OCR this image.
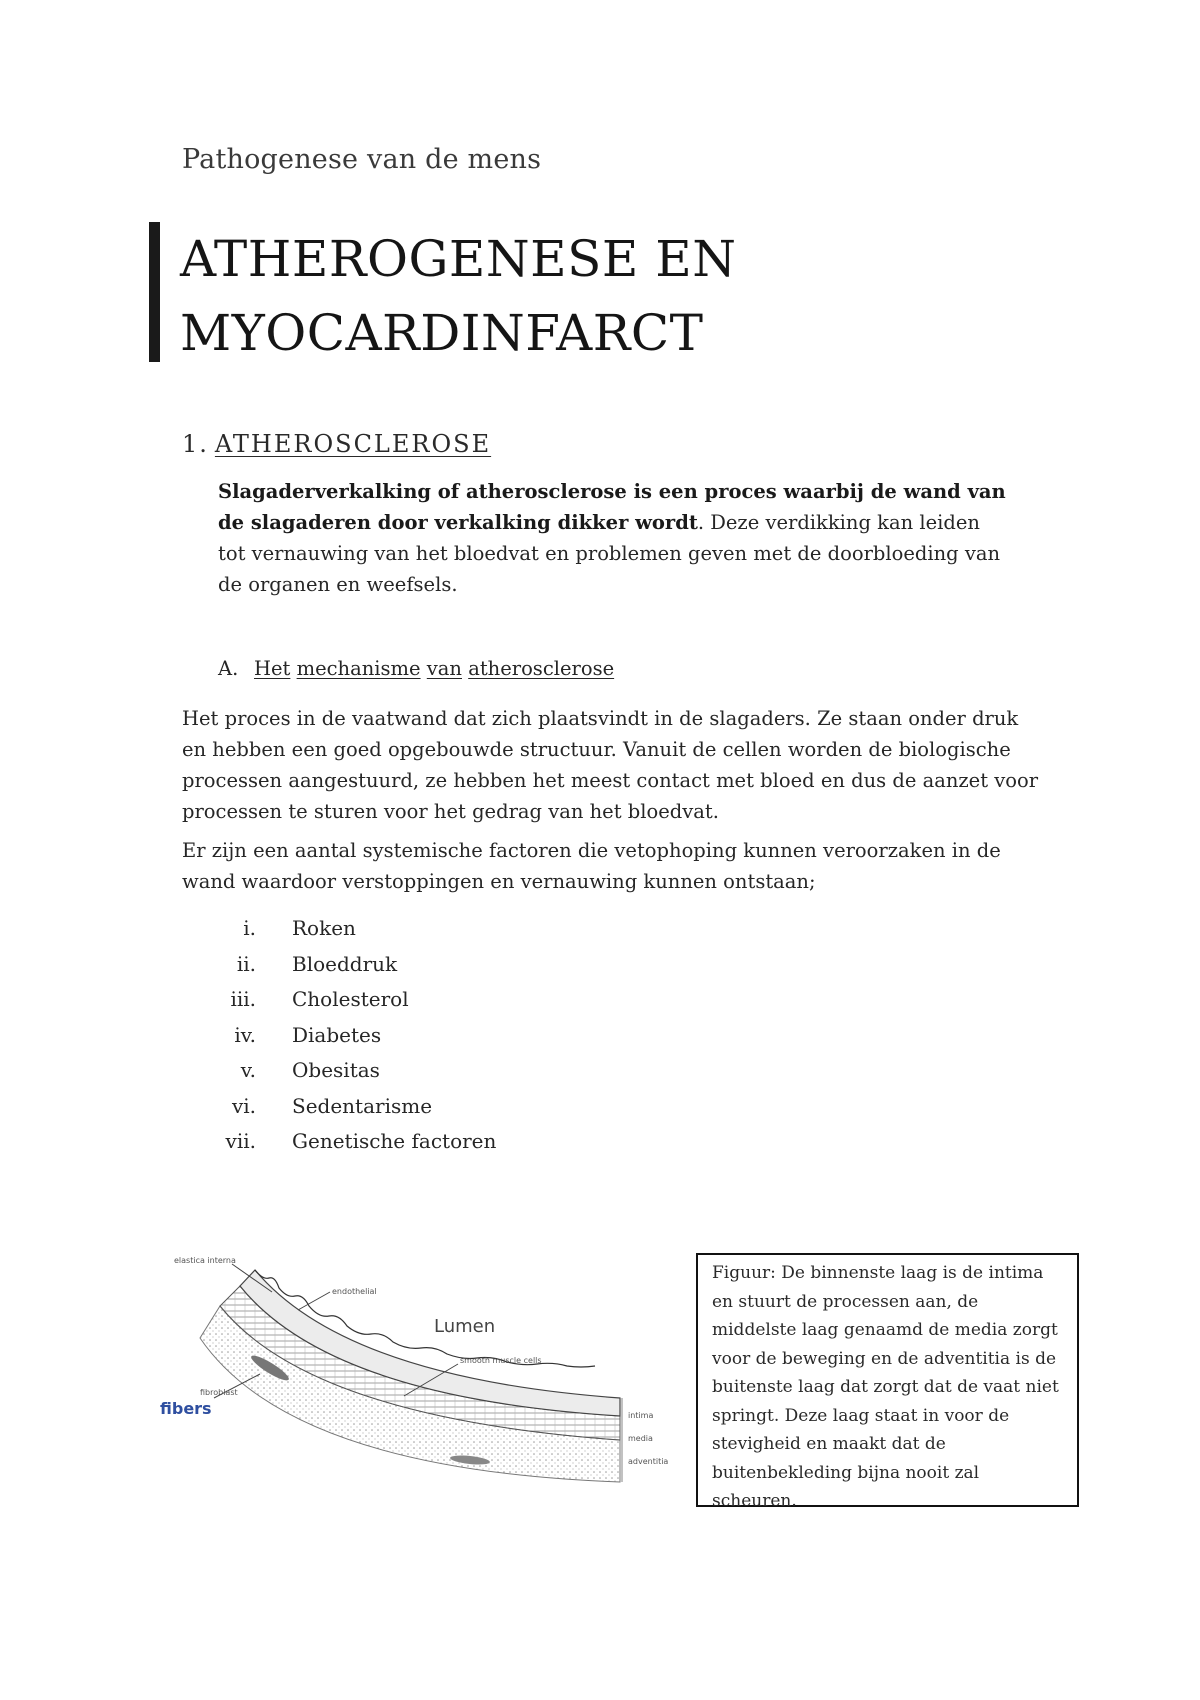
Pathogenese van de mens
ATHEROGENESE EN
MYOCARDINFARCT
1. ATHEROSCLEROSE
Slagaderverkalking of atherosclerose is een proces waarbij de wand van de slagaderen door verkalking dikker wordt. Deze verdikking kan leiden tot vernauwing van het bloedvat en problemen geven met de doorbloeding van de organen en weefsels.
A. Het mechanisme van atherosclerose
Het proces in de vaatwand dat zich plaatsvindt in de slagaders. Ze staan onder druk en hebben een goed opgebouwde structuur. Vanuit de cellen worden de biologische processen aangestuurd, ze hebben het meest contact met bloed en dus de aanzet voor processen te sturen voor het gedrag van het bloedvat.
Er zijn een aantal systemische factoren die vetophoping kunnen veroorzaken in de wand waardoor verstoppingen en vernauwing kunnen ontstaan;
i. Roken
ii. Bloeddruk
iii. Cholesterol
iv. Diabetes
v. Obesitas
vi. Sedentarisme
vii. Genetische factoren
elastica interna
endothelial
Lumen
smooth muscle cells
fibroblast
fibers	intima
media
adventitia
Figuur: De binnenste laag is de intima en stuurt de processen aan, de middelste laag genaamd de media zorgt voor de beweging en de adventitia is de buitenste laag dat zorgt dat de vaat niet springt. Deze laag staat in voor de stevigheid en maakt dat de buitenbekleding bijna nooit zal scheuren.
